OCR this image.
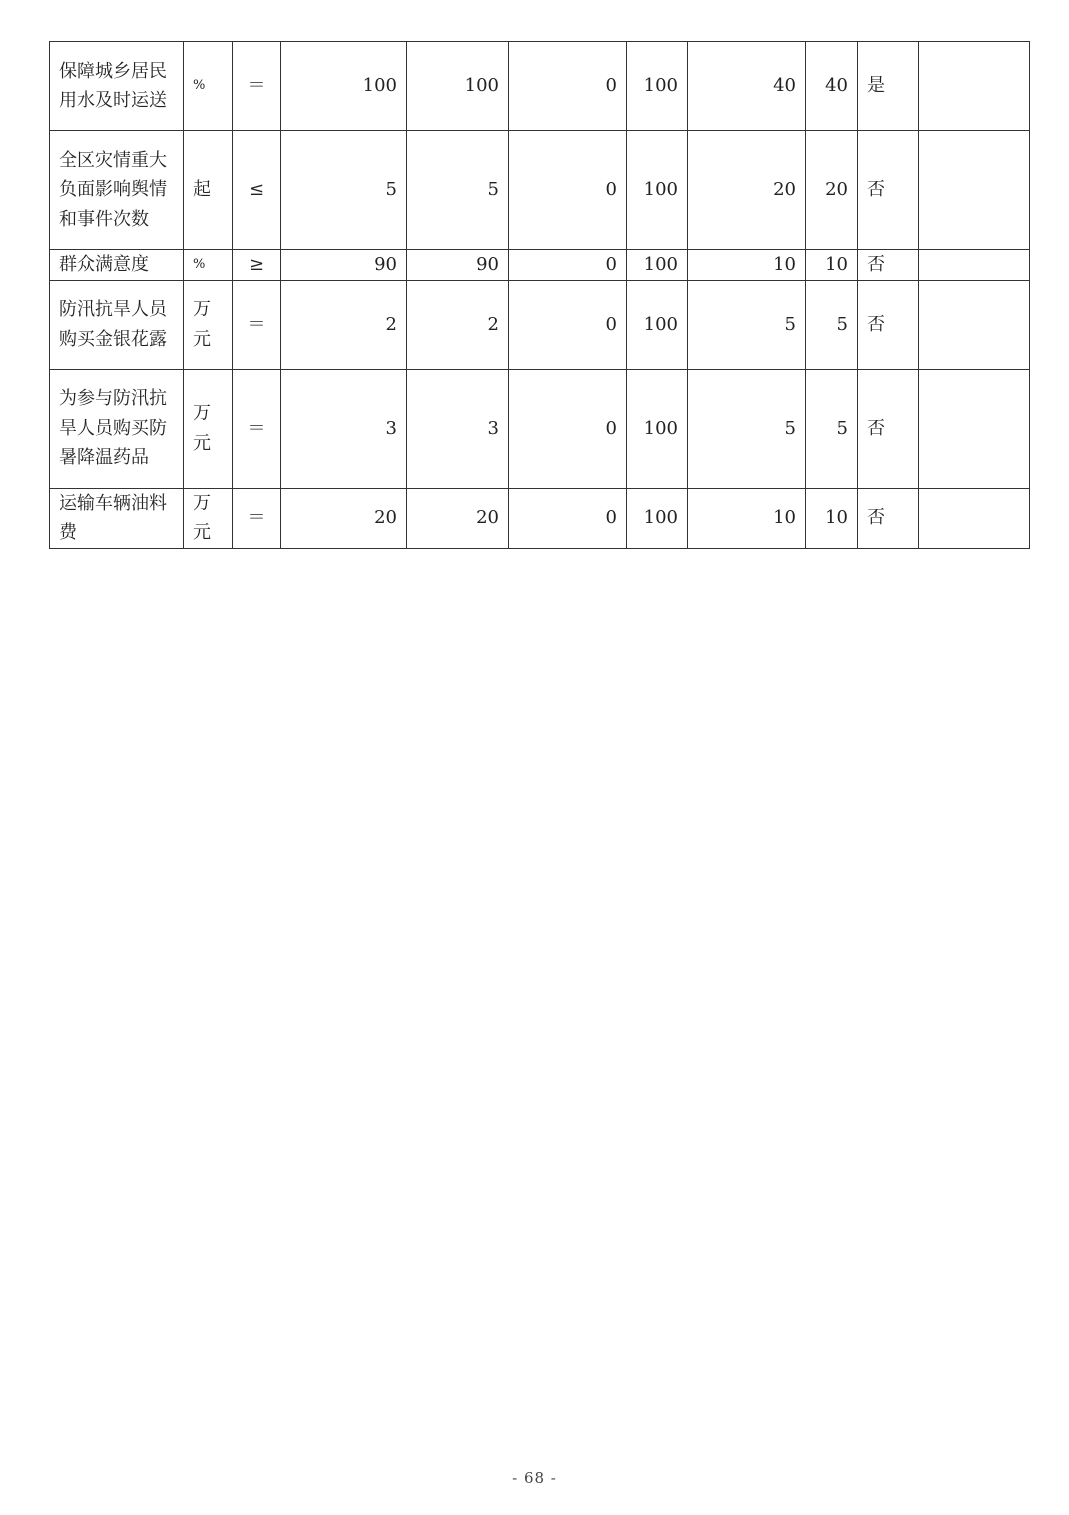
保障城乡居民用水及时运送	%	＝	100	100	0	100	40	40	是	
全区灾情重大负面影响舆情和事件次数	起	≤	5	5	0	100	20	20	否	
群众满意度	%	≥	90	90	0	100	10	10	否	
防汛抗旱人员购买金银花露	万元	＝	2	2	0	100	5	5	否	
为参与防汛抗旱人员购买防暑降温药品	万元	＝	3	3	0	100	5	5	否	
运输车辆油料费	万元	＝	20	20	0	100	10	10	否	
- 68 -
